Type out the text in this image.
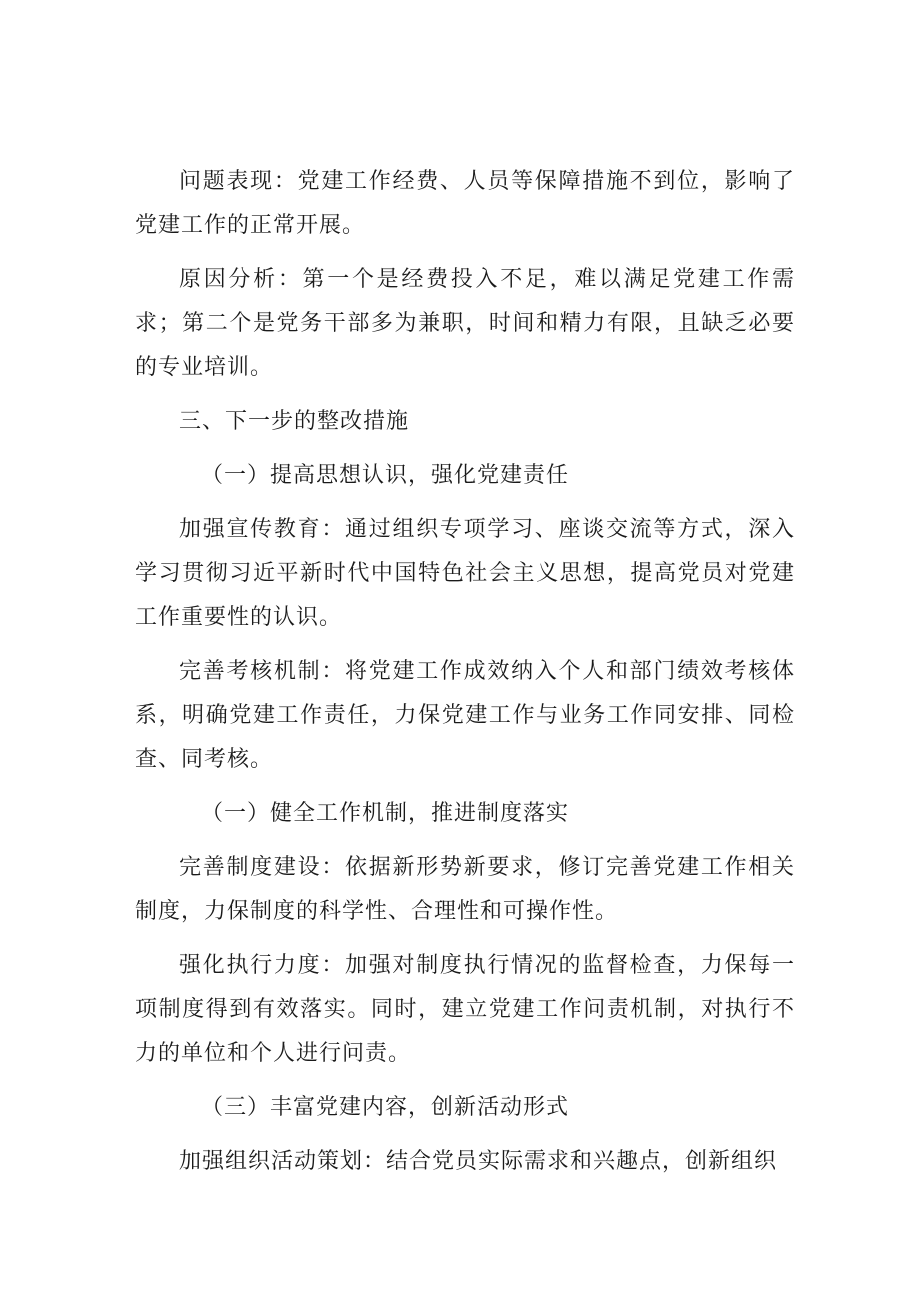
问题表现：党建工作经费、人员等保障措施不到位，影响了党建工作的正常开展。

原因分析：第一个是经费投入不足，难以满足党建工作需求；第二个是党务干部多为兼职，时间和精力有限，且缺乏必要的专业培训。

三、下一步的整改措施

（一）提高思想认识，强化党建责任

加强宣传教育：通过组织专项学习、座谈交流等方式，深入学习贯彻习近平新时代中国特色社会主义思想，提高党员对党建工作重要性的认识。

完善考核机制：将党建工作成效纳入个人和部门绩效考核体系，明确党建工作责任，力保党建工作与业务工作同安排、同检查、同考核。

（一）健全工作机制，推进制度落实

完善制度建设：依据新形势新要求，修订完善党建工作相关制度，力保制度的科学性、合理性和可操作性。

强化执行力度：加强对制度执行情况的监督检查，力保每一项制度得到有效落实。同时，建立党建工作问责机制，对执行不力的单位和个人进行问责。

（三）丰富党建内容，创新活动形式

加强组织活动策划：结合党员实际需求和兴趣点，创新组织
